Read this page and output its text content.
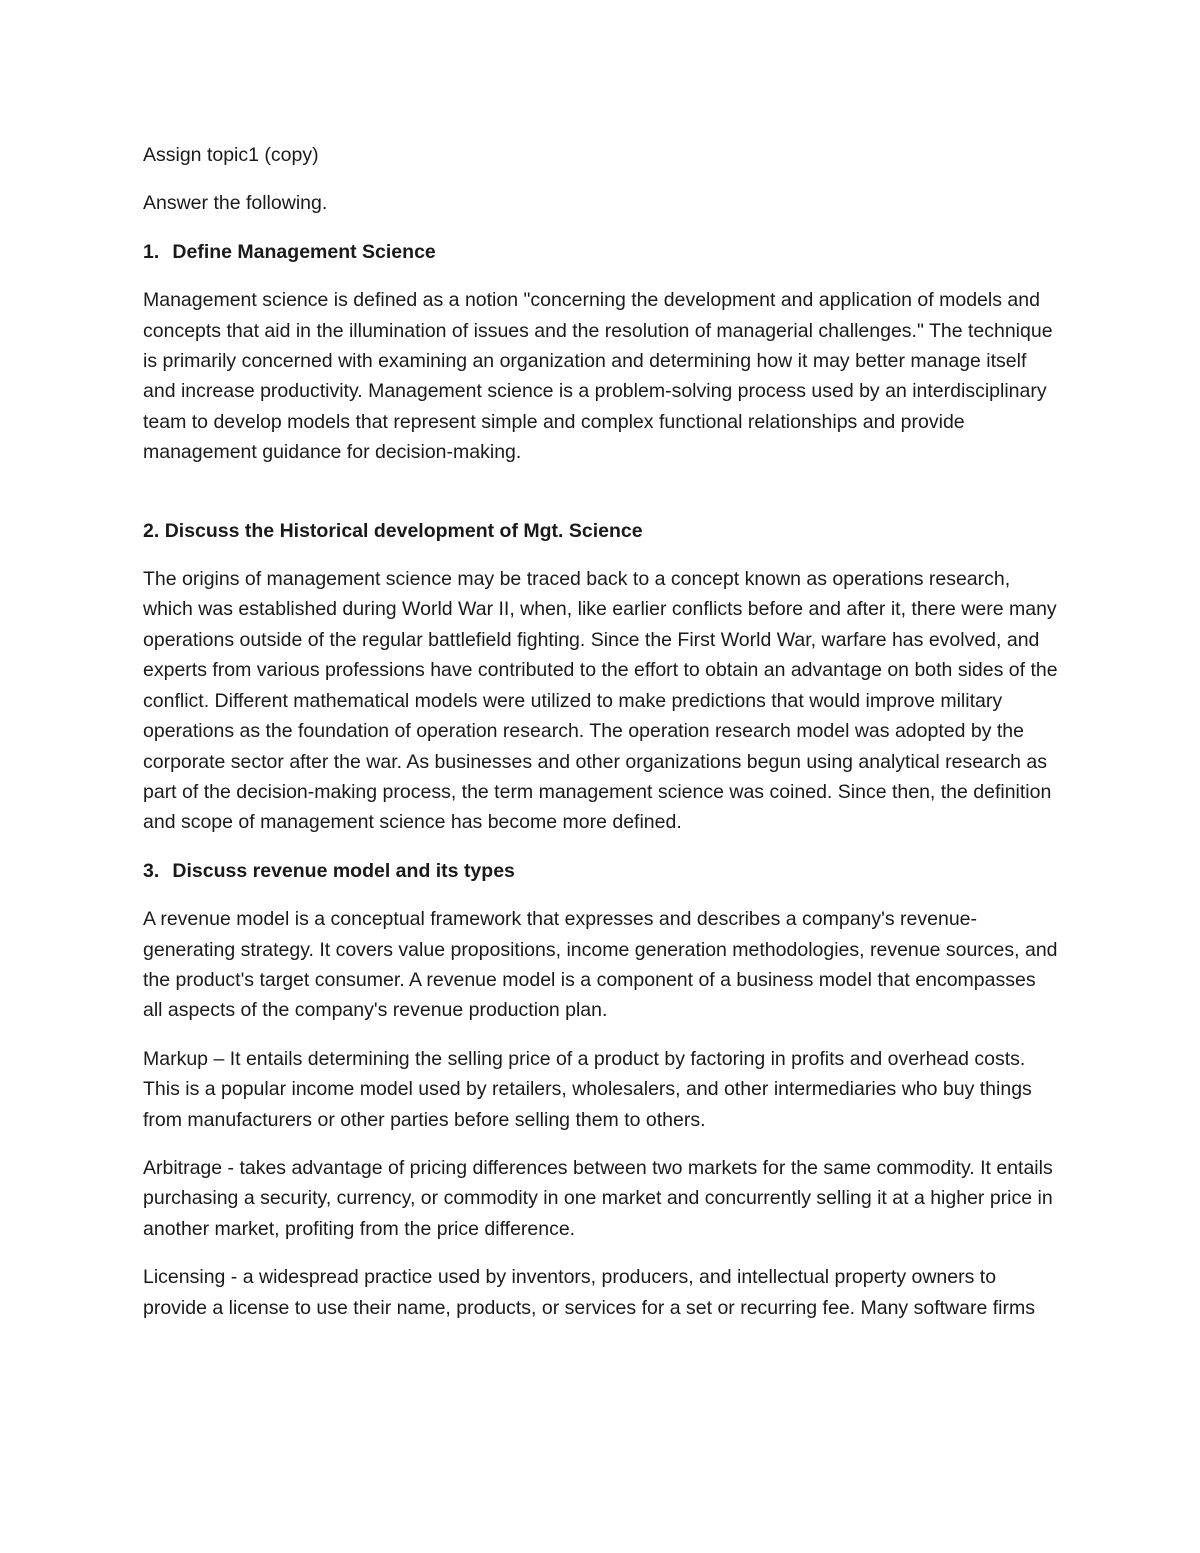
Assign topic1 (copy)

Answer the following.

1. Define Management Science

Management science is defined as a notion "concerning the development and application of models and concepts that aid in the illumination of issues and the resolution of managerial challenges." The technique is primarily concerned with examining an organization and determining how it may better manage itself and increase productivity. Management science is a problem-solving process used by an interdisciplinary team to develop models that represent simple and complex functional relationships and provide management guidance for decision-making.

2. Discuss the Historical development of Mgt. Science

The origins of management science may be traced back to a concept known as operations research, which was established during World War II, when, like earlier conflicts before and after it, there were many operations outside of the regular battlefield fighting. Since the First World War, warfare has evolved, and experts from various professions have contributed to the effort to obtain an advantage on both sides of the conflict. Different mathematical models were utilized to make predictions that would improve military operations as the foundation of operation research. The operation research model was adopted by the corporate sector after the war. As businesses and other organizations begun using analytical research as part of the decision-making process, the term management science was coined. Since then, the definition and scope of management science has become more defined.

3. Discuss revenue model and its types

A revenue model is a conceptual framework that expresses and describes a company's revenue-generating strategy. It covers value propositions, income generation methodologies, revenue sources, and the product's target consumer. A revenue model is a component of a business model that encompasses all aspects of the company's revenue production plan.

Markup – It entails determining the selling price of a product by factoring in profits and overhead costs. This is a popular income model used by retailers, wholesalers, and other intermediaries who buy things from manufacturers or other parties before selling them to others.

Arbitrage - takes advantage of pricing differences between two markets for the same commodity. It entails purchasing a security, currency, or commodity in one market and concurrently selling it at a higher price in another market, profiting from the price difference.

Licensing - a widespread practice used by inventors, producers, and intellectual property owners to provide a license to use their name, products, or services for a set or recurring fee. Many software firms
